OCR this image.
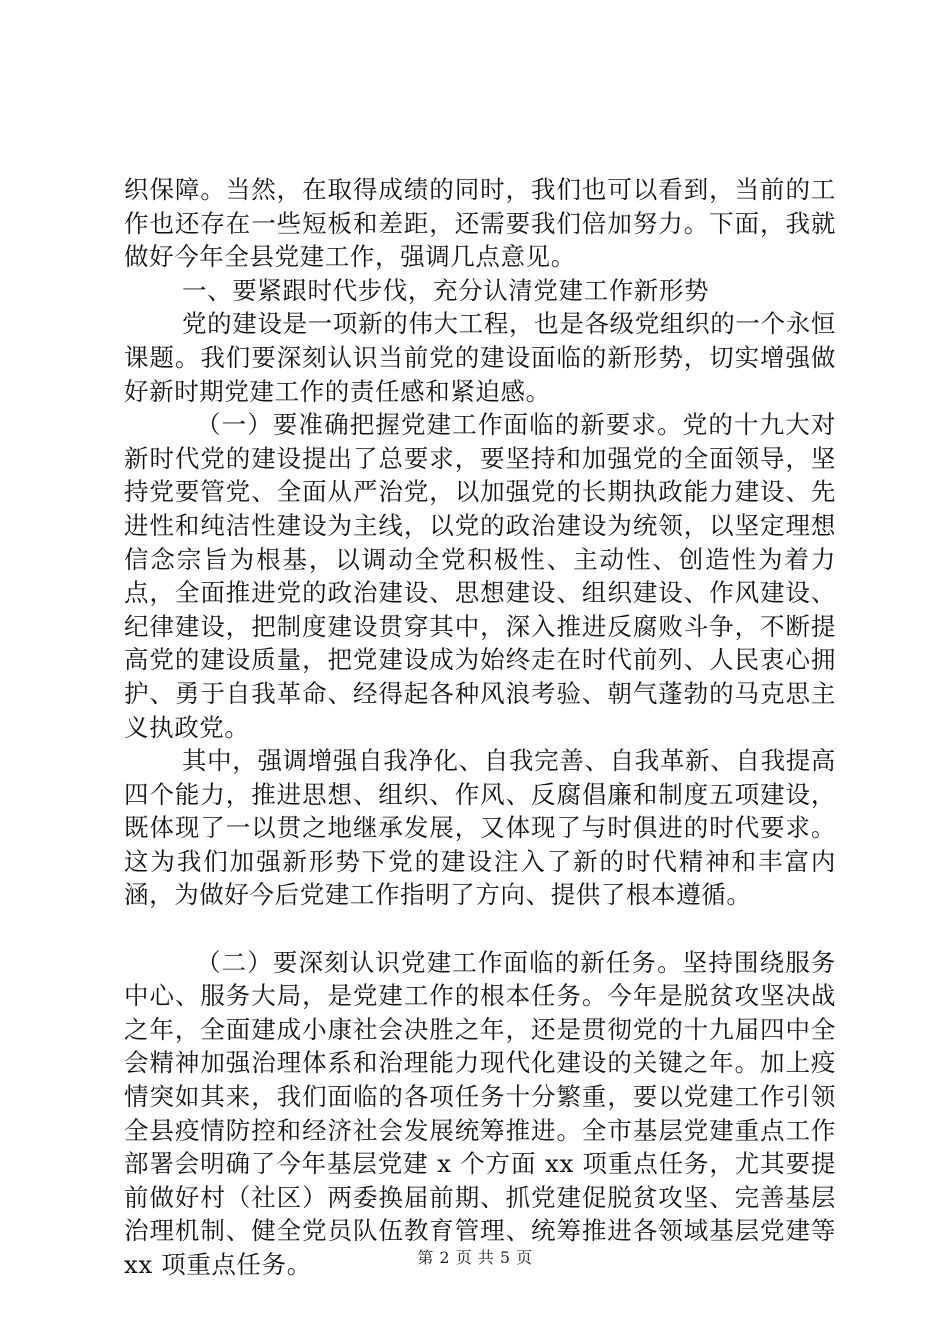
织保障。当然，在取得成绩的同时，我们也可以看到，当前的工作也还存在一些短板和差距，还需要我们倍加努力。下面，我就做好今年全县党建工作，强调几点意见。

一、要紧跟时代步伐，充分认清党建工作新形势

党的建设是一项新的伟大工程，也是各级党组织的一个永恒课题。我们要深刻认识当前党的建设面临的新形势，切实增强做好新时期党建工作的责任感和紧迫感。

（一）要准确把握党建工作面临的新要求。党的十九大对新时代党的建设提出了总要求，要坚持和加强党的全面领导，坚持党要管党、全面从严治党，以加强党的长期执政能力建设、先进性和纯洁性建设为主线，以党的政治建设为统领，以坚定理想信念宗旨为根基，以调动全党积极性、主动性、创造性为着力点，全面推进党的政治建设、思想建设、组织建设、作风建设、纪律建设，把制度建设贯穿其中，深入推进反腐败斗争，不断提高党的建设质量，把党建设成为始终走在时代前列、人民衷心拥护、勇于自我革命、经得起各种风浪考验、朝气蓬勃的马克思主义执政党。

其中，强调增强自我净化、自我完善、自我革新、自我提高四个能力，推进思想、组织、作风、反腐倡廉和制度五项建设，既体现了一以贯之地继承发展，又体现了与时俱进的时代要求。这为我们加强新形势下党的建设注入了新的时代精神和丰富内涵，为做好今后党建工作指明了方向、提供了根本遵循。

（二）要深刻认识党建工作面临的新任务。坚持围绕服务中心、服务大局，是党建工作的根本任务。今年是脱贫攻坚决战之年，全面建成小康社会决胜之年，还是贯彻党的十九届四中全会精神加强治理体系和治理能力现代化建设的关键之年。加上疫情突如其来，我们面临的各项任务十分繁重，要以党建工作引领全县疫情防控和经济社会发展统筹推进。全市基层党建重点工作部署会明确了今年基层党建 x 个方面 xx 项重点任务，尤其要提前做好村（社区）两委换届前期、抓党建促脱贫攻坚、完善基层治理机制、健全党员队伍教育管理、统筹推进各领域基层党建等 xx 项重点任务。	第 2 页 共 5 页
